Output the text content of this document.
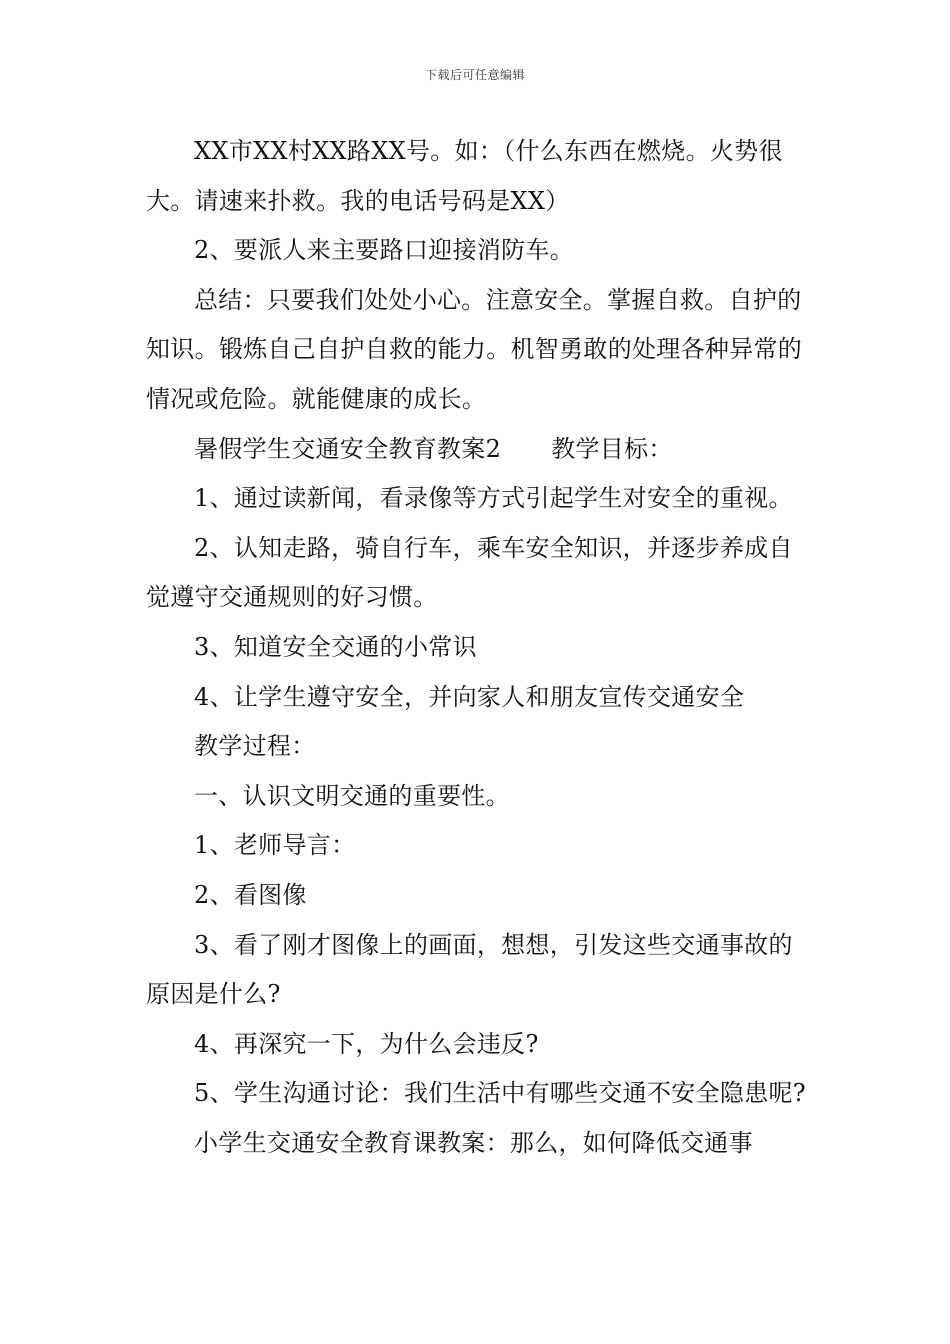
下载后可任意编辑

XX市XX村XX路XX号。如：（什么东西在燃烧。火势很大。请速来扑救。我的电话号码是XX）

2、要派人来主要路口迎接消防车。

总结：只要我们处处小心。注意安全。掌握自救。自护的知识。锻炼自己自护自救的能力。机智勇敢的处理各种异常的情况或危险。就能健康的成长。

暑假学生交通安全教育教案2 教学目标：

1、通过读新闻，看录像等方式引起学生对安全的重视。

2、认知走路，骑自行车，乘车安全知识，并逐步养成自觉遵守交通规则的好习惯。

3、知道安全交通的小常识

4、让学生遵守安全，并向家人和朋友宣传交通安全

教学过程：

一、认识文明交通的重要性。

1、老师导言：

2、看图像

3、看了刚才图像上的画面，想想，引发这些交通事故的原因是什么?

4、再深究一下，为什么会违反?

5、学生沟通讨论：我们生活中有哪些交通不安全隐患呢?

小学生交通安全教育课教案：那么，如何降低交通事
